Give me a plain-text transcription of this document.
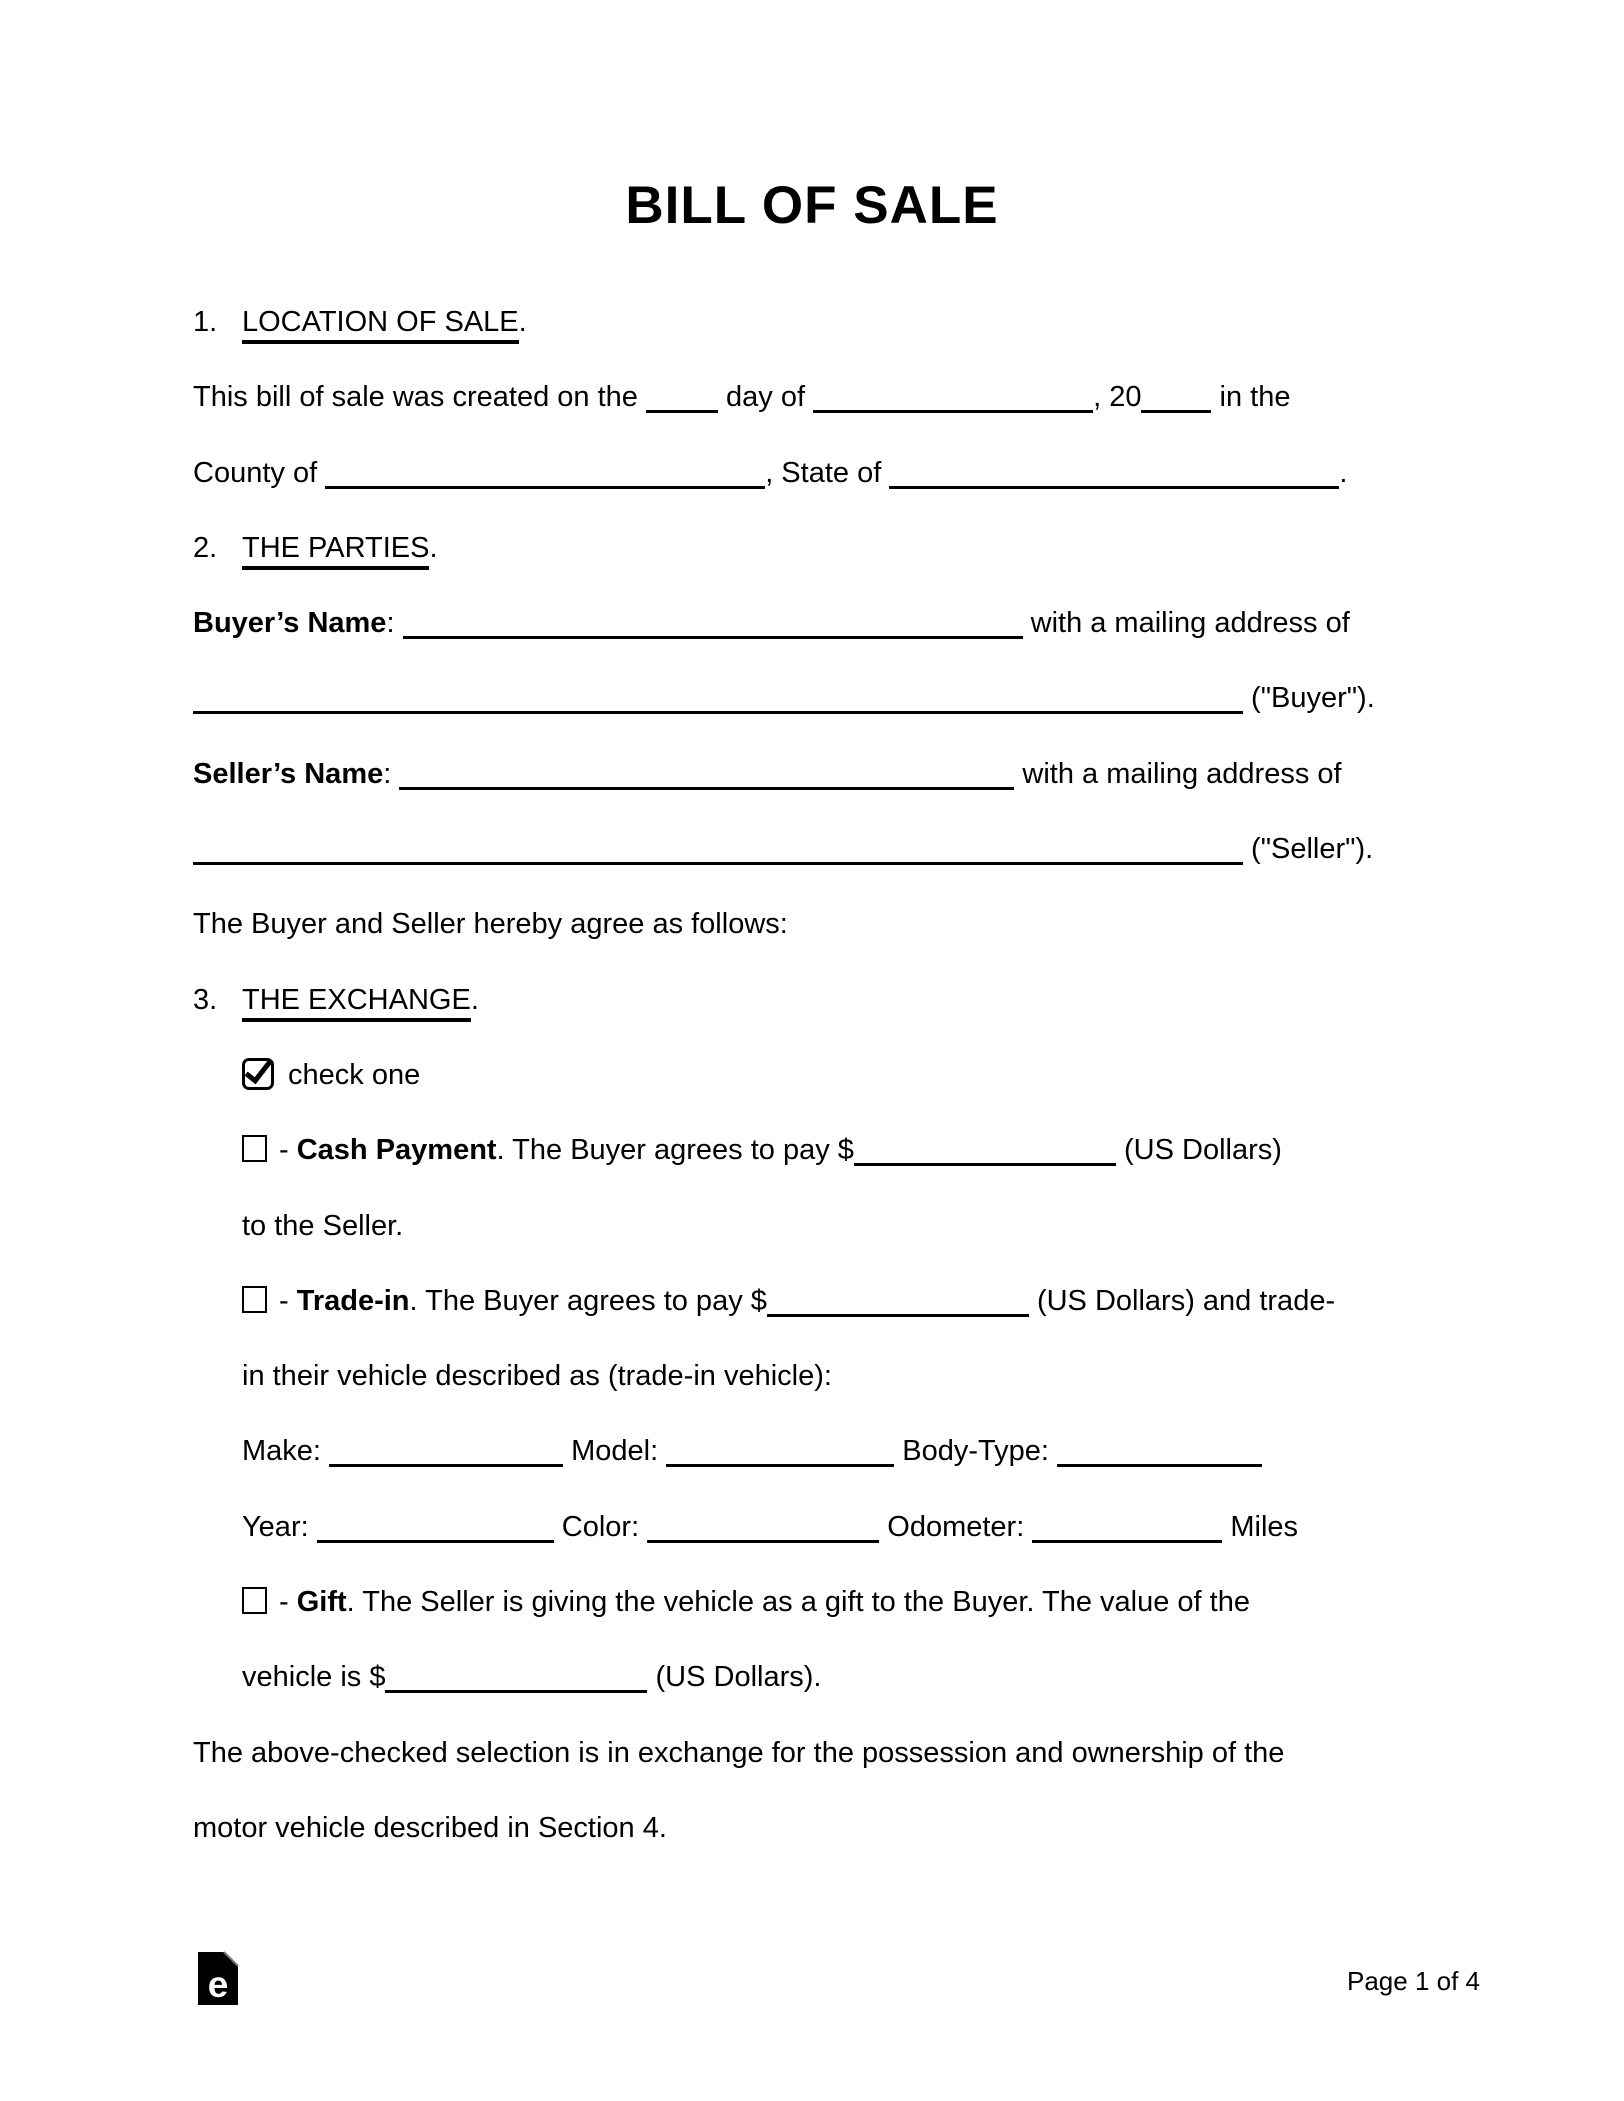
BILL OF SALE
1. LOCATION OF SALE.
This bill of sale was created on the  day of	, 20 in the
County of	, State of	.
2. THE PARTIES.
Buyer’s Name:	with a mailing address of
("Buyer").
Seller’s Name:	with a mailing address of
("Seller").
The Buyer and Seller hereby agree as follows:
3. THE EXCHANGE.
check one
- Cash Payment. The Buyer agrees to pay $	(US Dollars)
to the Seller.
- Trade-in. The Buyer agrees to pay $	(US Dollars) and trade-
in their vehicle described as (trade-in vehicle):
Make:	Model:	Body-Type:
Year:	Color:	Odometer:	Miles
- Gift. The Seller is giving the vehicle as a gift to the Buyer. The value of the
vehicle is $	(US Dollars).
The above-checked selection is in exchange for the possession and ownership of the
motor vehicle described in Section 4.
e	Page 1 of 4
